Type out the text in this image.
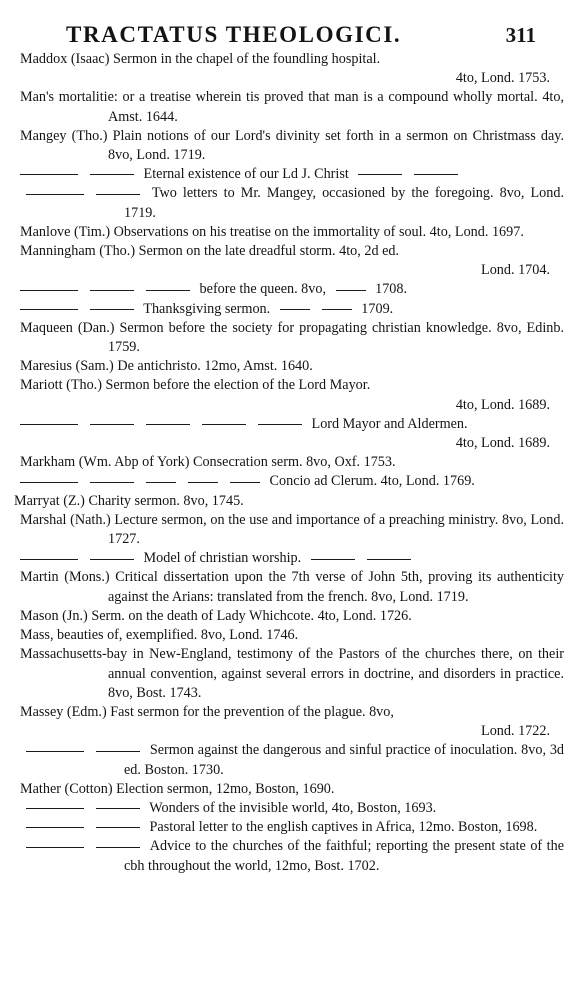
TRACTATUS THEOLOGICI.	311

Maddox (Isaac) Sermon in the chapel of the foundling hospital.

4to, Lond. 1753.

Man's mortalitie: or a treatise wherein tis proved that man is a compound wholly mortal. 4to, Amst. 1644.

Mangey (Tho.) Plain notions of our Lord's divinity set forth in a sermon on Christmass day. 8vo, Lond. 1719.

Eternal existence of our Ld J. Christ

Two letters to Mr. Mangey, occasioned by the foregoing. 8vo, Lond. 1719.

Manlove (Tim.) Observations on his treatise on the immortality of soul. 4to, Lond. 1697.

Manningham (Tho.) Sermon on the late dreadful storm. 4to, 2d ed.

Lond. 1704.

before the queen. 8vo,	1708.

Thanksgiving sermon.	1709.

Maqueen (Dan.) Sermon before the society for propagating christian knowledge. 8vo, Edinb. 1759.

Maresius (Sam.) De antichristo. 12mo, Amst. 1640.

Mariott (Tho.) Sermon before the election of the Lord Mayor.

4to, Lond. 1689.

Lord Mayor and Aldermen.

4to, Lond. 1689.

Markham (Wm. Abp of York) Consecration serm. 8vo, Oxf. 1753.

Concio ad Clerum. 4to, Lond. 1769.

Marryat (Z.) Charity sermon. 8vo, 1745.

Marshal (Nath.) Lecture sermon, on the use and importance of a preaching ministry. 8vo, Lond. 1727.

Model of christian worship.

Martin (Mons.) Critical dissertation upon the 7th verse of John 5th, proving its authenticity against the Arians: translated from the french. 8vo, Lond. 1719.

Mason (Jn.) Serm. on the death of Lady Whichcote. 4to, Lond. 1726.

Mass, beauties of, exemplified. 8vo, Lond. 1746.

Massachusetts-bay in New-England, testimony of the Pastors of the churches there, on their annual convention, against several errors in doctrine, and disorders in practice. 8vo, Bost. 1743.

Massey (Edm.) Fast sermon for the prevention of the plague. 8vo,

Lond. 1722.

Sermon against the dangerous and sinful practice of inoculation. 8vo, 3d ed. Boston. 1730.

Mather (Cotton) Election sermon, 12mo, Boston, 1690.

Wonders of the invisible world, 4to, Boston, 1693.

Pastoral letter to the english captives in Africa, 12mo. Boston, 1698.

Advice to the churches of the faithful; reporting the present state of the cbh throughout the world, 12mo, Bost. 1702.
